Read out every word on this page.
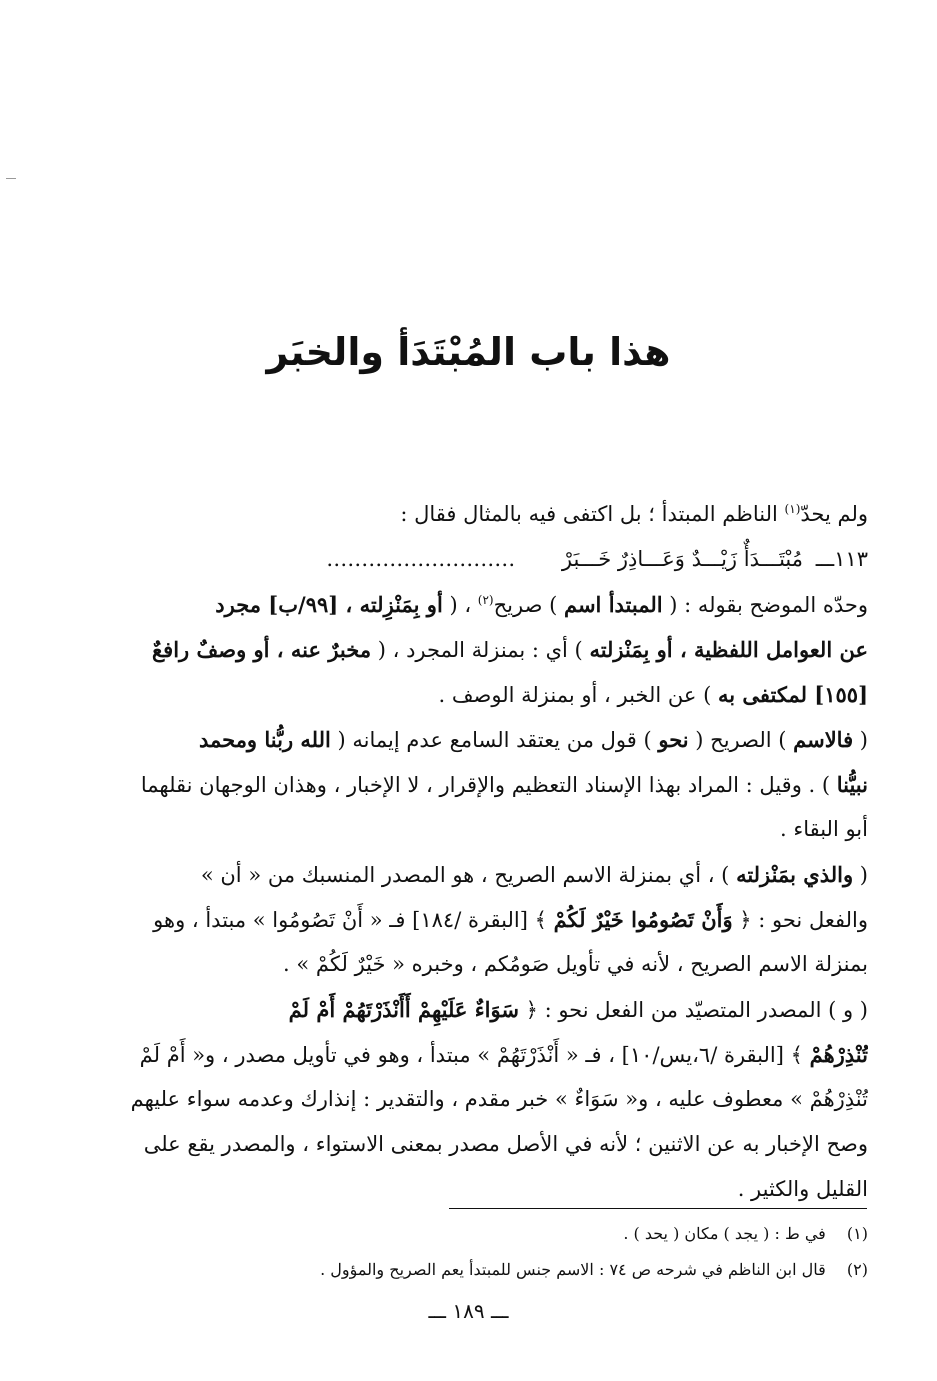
هذا باب المُبْتَدَأ والخبَر
ولم يحدّ$^{(١)}$ الناظم المبتدأ ؛ بل اكتفى فيه بالمثال فقال :
١١٣ـــ مُبْتَـــدَأٌ زَيْـــدٌ وَعَـــاذِرٌ خَـــبَرْ ………………………
وحدّه الموضح بقوله : ( المبتدأ اسم ) صريح$^{(٢)}$ ، ( أو بِمَنْزِلته ، [٩٩/ب] مجرد
عن العوامل اللفظية ، أو بِمَنْزلته ) أي : بمنزلة المجرد ، ( مخبرٌ عنه ، أو وصفٌ رافعٌ
[١٥٥] لمكتفى به ) عن الخبر ، أو بمنزلة الوصف .
( فالاسم ) الصريح ( نحو ) قول من يعتقد السامع عدم إيمانه ( الله ربُّنا ومحمد
نبيُّنا ) . وقيل : المراد بهذا الإسناد التعظيم والإقرار ، لا الإخبار ، وهذان الوجهان نقلهما
أبو البقاء .
( والذي بمَنْزلته ) ، أي بمنزلة الاسم الصريح ، هو المصدر المنسبك من « أن »
والفعل نحو : ﴿ وَأَنْ تَصُومُوا خَيْرٌ لَكُمْ ﴾ [البقرة /١٨٤] فـ « أَنْ تَصُومُوا » مبتدأ ، وهو
بمنزلة الاسم الصريح ، لأنه في تأويل صَومُكم ، وخبره « خَيْرٌ لَكُمْ » .
( و ) المصدر المتصيّد من الفعل نحو : ﴿ سَوَاءٌ عَلَيْهِمْ أَأَنْذَرْتَهُمْ أَمْ لَمْ
تُنْذِرْهُمْ ﴾ [البقرة /٦،يس/١٠] ، فـ « أَنْذَرْتَهُمْ » مبتدأ ، وهو في تأويل مصدر ، و« أَمْ لَمْ
تُنْذِرْهُمْ » معطوف عليه ، و« سَوَاءٌ » خبر مقدم ، والتقدير : إنذارك وعدمه سواء عليهم
وصح الإخبار به عن الاثنين ؛ لأنه في الأصل مصدر بمعنى الاستواء ، والمصدر يقع على
القليل والكثير .
(١) في ط : ( يجد ) مكان ( يحد ) .
(٢) قال ابن الناظم في شرحه ص ٧٤ : الاسم جنس للمبتدأ يعم الصريح والمؤول .
ـــ ١٨٩ ـــ
